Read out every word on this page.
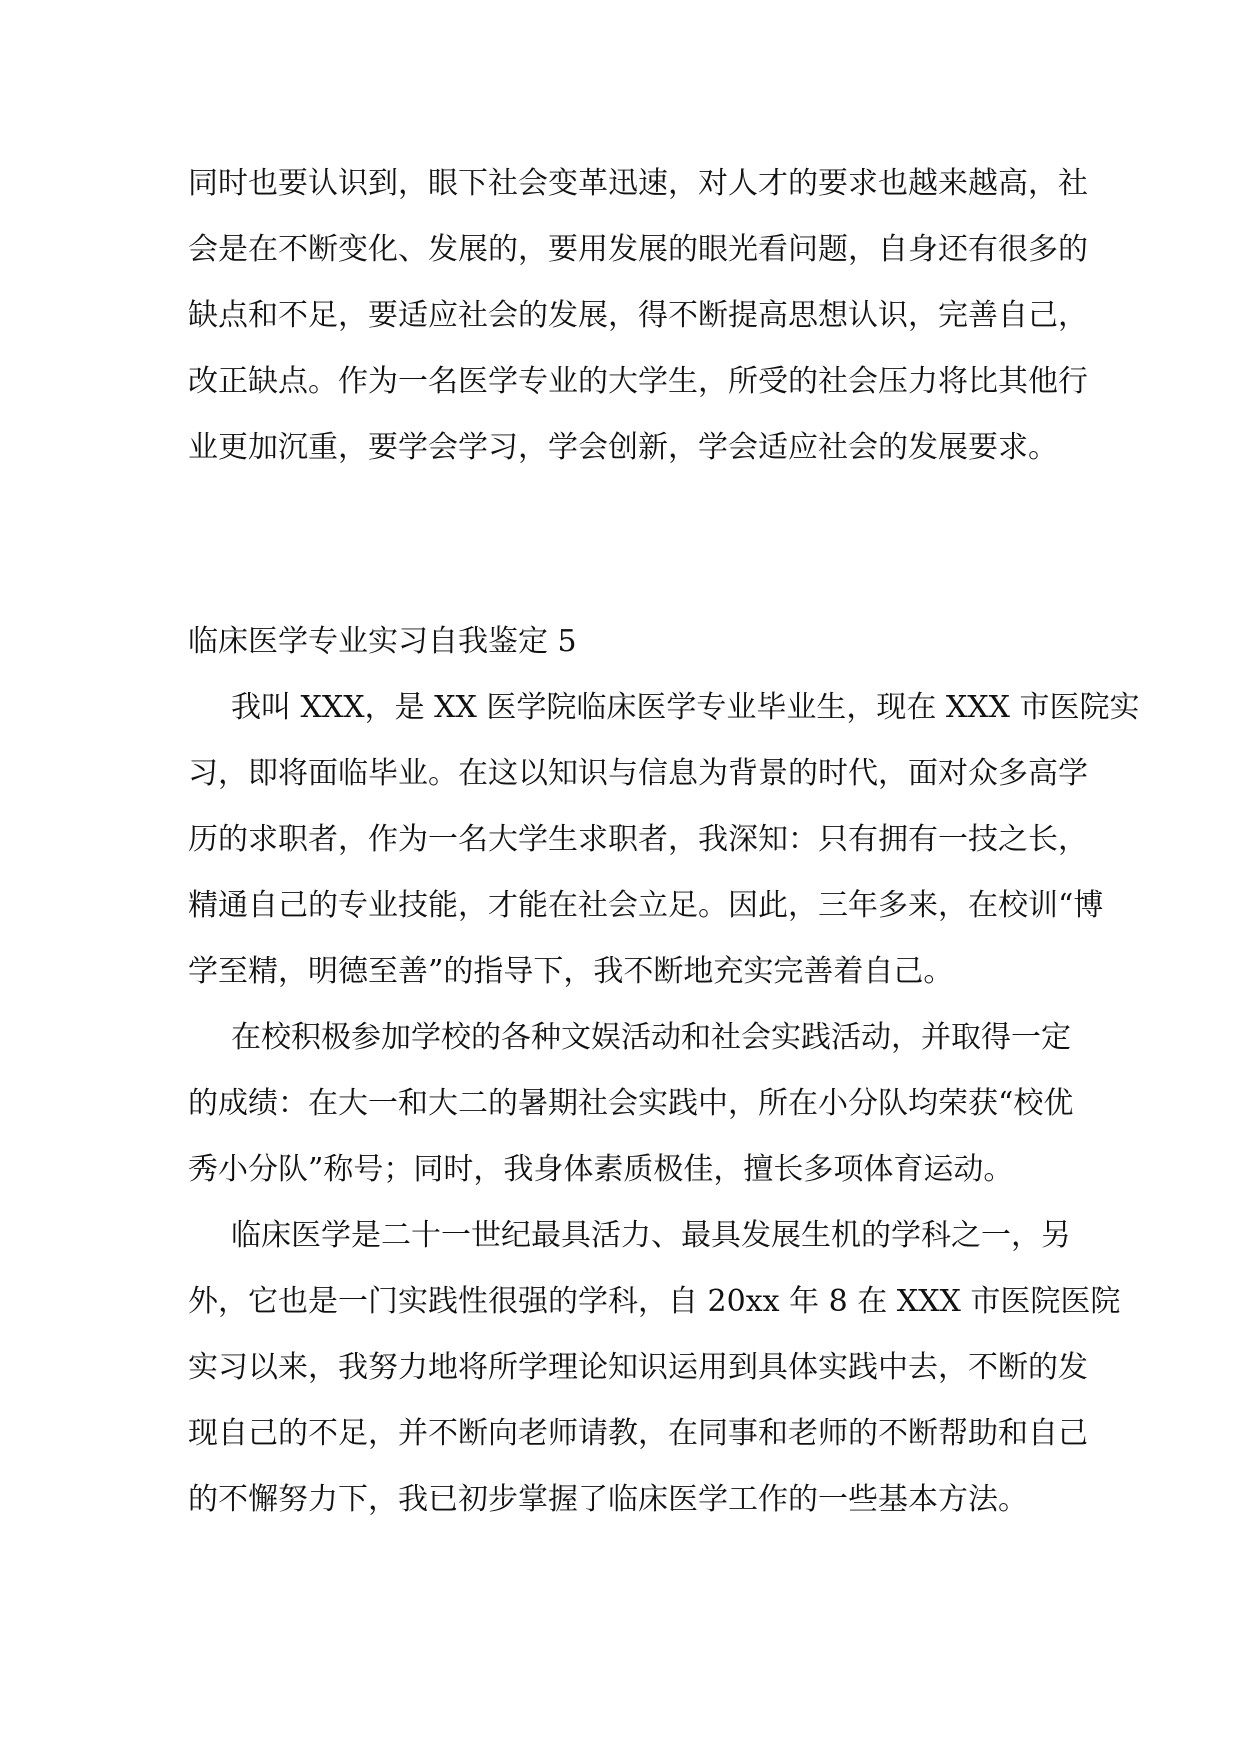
同时也要认识到，眼下社会变革迅速，对人才的要求也越来越高，社
会是在不断变化、发展的，要用发展的眼光看问题，自身还有很多的
缺点和不足，要适应社会的发展，得不断提高思想认识，完善自己，
改正缺点。作为一名医学专业的大学生，所受的社会压力将比其他行
业更加沉重，要学会学习，学会创新，学会适应社会的发展要求。
临床医学专业实习自我鉴定 5
我叫 XXX，是 XX 医学院临床医学专业毕业生，现在 XXX 市医院实
习，即将面临毕业。在这以知识与信息为背景的时代，面对众多高学
历的求职者，作为一名大学生求职者，我深知：只有拥有一技之长，
精通自己的专业技能，才能在社会立足。因此，三年多来，在校训“博
学至精，明德至善”的指导下，我不断地充实完善着自己。
在校积极参加学校的各种文娱活动和社会实践活动，并取得一定
的成绩：在大一和大二的暑期社会实践中，所在小分队均荣获“校优
秀小分队”称号；同时，我身体素质极佳，擅长多项体育运动。
临床医学是二十一世纪最具活力、最具发展生机的学科之一，另
外，它也是一门实践性很强的学科，自 20xx 年 8 在 XXX 市医院医院
实习以来，我努力地将所学理论知识运用到具体实践中去，不断的发
现自己的不足，并不断向老师请教，在同事和老师的不断帮助和自己
的不懈努力下，我已初步掌握了临床医学工作的一些基本方法。
